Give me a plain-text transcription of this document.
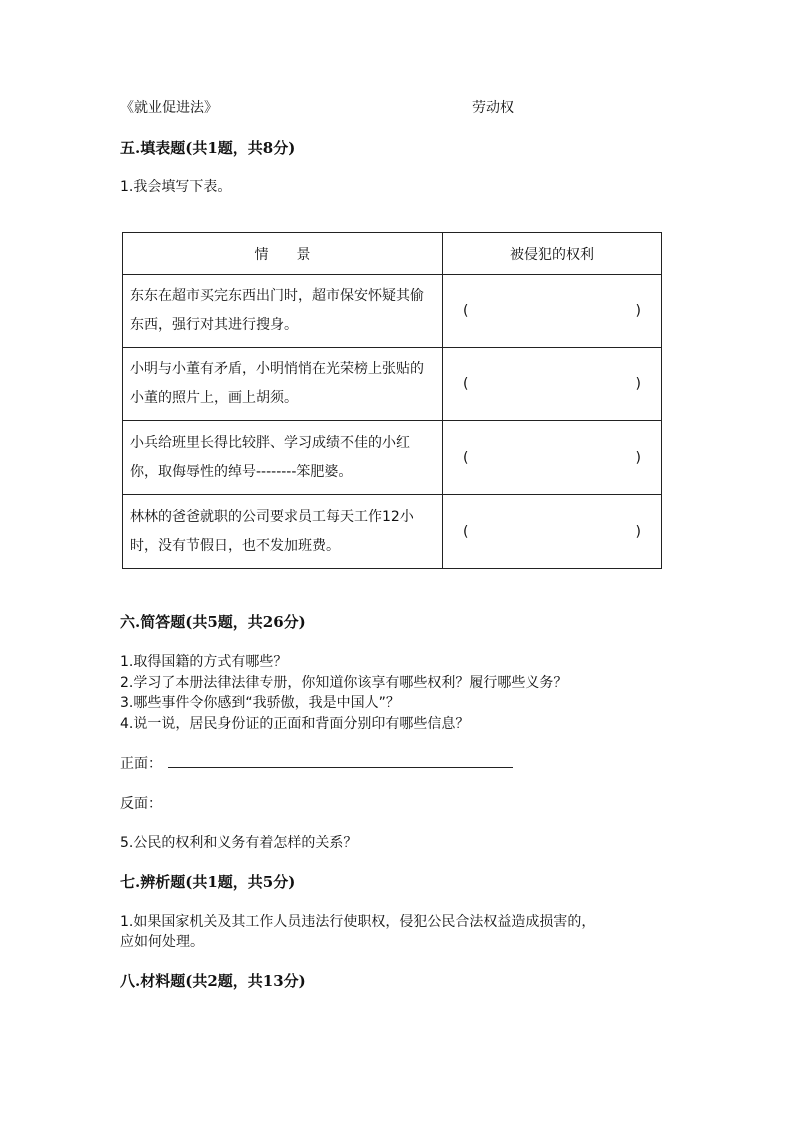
《就业促进法》	劳动权
五.填表题(共1题，共8分)
1.我会填写下表。
情　　景	被侵犯的权利
东东在超市买完东西出门时，超市保安怀疑其偷东西，强行对其进行搜身。	( )

小明与小董有矛盾，小明悄悄在光荣榜上张贴的小董的照片上，画上胡须。	( )

小兵给班里长得比较胖、学习成绩不佳的小红你，取侮辱性的绰号--------笨肥婆。	( )

林林的爸爸就职的公司要求员工每天工作12小时，没有节假日，也不发加班费。	( )
六.简答题(共5题，共26分)
1.取得国籍的方式有哪些？
2.学习了本册法律法律专册，你知道你该享有哪些权利？履行哪些义务？
3.哪些事件令你感到“我骄傲，我是中国人”？
4.说一说，居民身份证的正面和背面分别印有哪些信息？
正面：
反面：
5.公民的权利和义务有着怎样的关系？
七.辨析题(共1题，共5分)
1.如果国家机关及其工作人员违法行使职权，侵犯公民合法权益造成损害的，
应如何处理。
八.材料题(共2题，共13分)
